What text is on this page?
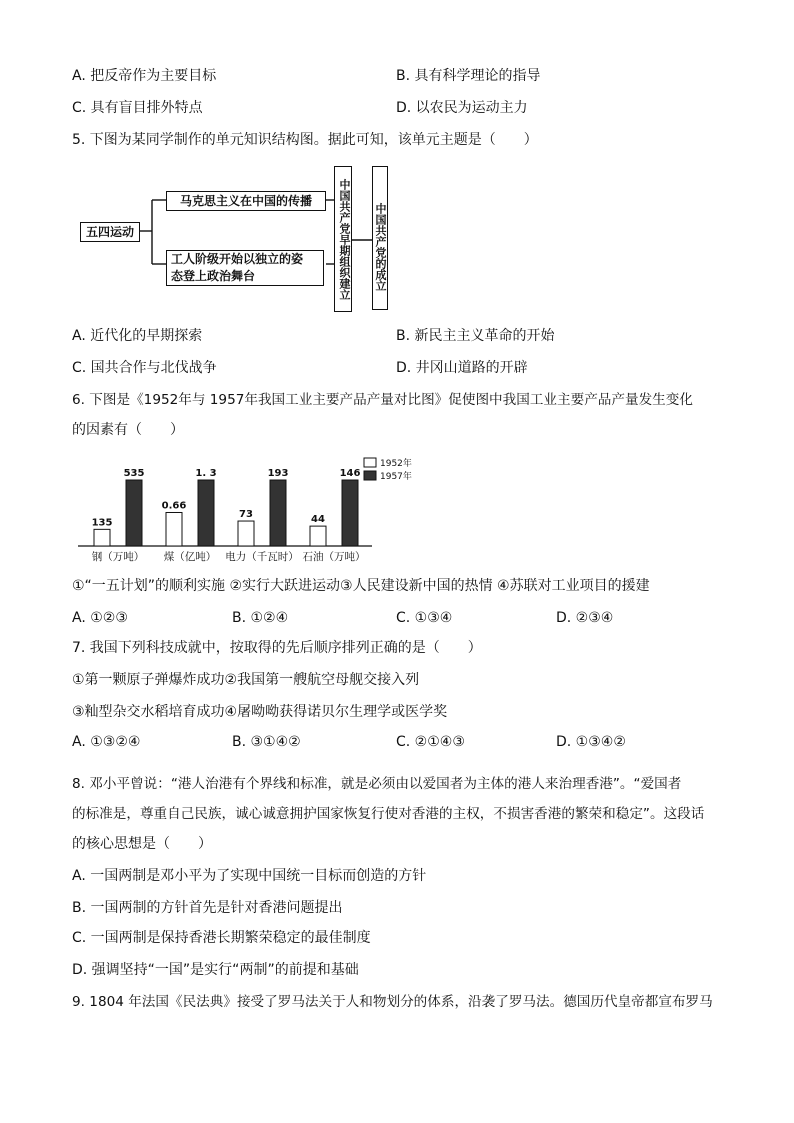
A. 把反帝作为主要目标	B. 具有科学理论的指导
C. 具有盲目排外特点	D. 以农民为运动主力
5. 下图为某同学制作的单元知识结构图。据此可知，该单元主题是（　　）
五四运动
马克思主义在中国的传播
工人阶级开始以独立的姿
态登上政治舞台	中国共产党早期组织建立 中国共产党的成立
A. 近代化的早期探索	B. 新民主主义革命的开始
C. 国共合作与北伐战争	D. 井冈山道路的开辟
6. 下图是《1952年与 1957年我国工业主要产品产量对比图》促使图中我国工业主要产品产量发生变化
的因素有（　　）
135
535
钢（万吨）
0.66
1. 3
煤（亿吨）
73
193
电力（千瓦时）
44
146
石油（万吨）
1952年
1957年
①“一五计划”的顺利实施 ②实行大跃进运动③人民建设新中国的热情 ④苏联对工业项目的援建
A. ①②③	B. ①②④	C. ①③④	D. ②③④
7. 我国下列科技成就中，按取得的先后顺序排列正确的是（　　）
①第一颗原子弹爆炸成功②我国第一艘航空母舰交接入列
③籼型杂交水稻培育成功④屠呦呦获得诺贝尔生理学或医学奖
A. ①③②④	B. ③①④②	C. ②①④③	D. ①③④②
8. 邓小平曾说：“港人治港有个界线和标准，就是必须由以爱国者为主体的港人来治理香港”。“爱国者
的标准是，尊重自己民族，诚心诚意拥护国家恢复行使对香港的主权，不损害香港的繁荣和稳定”。这段话
的核心思想是（　　）
A. 一国两制是邓小平为了实现中国统一目标而创造的方针
B. 一国两制的方针首先是针对香港问题提出
C. 一国两制是保持香港长期繁荣稳定的最佳制度
D. 强调坚持“一国”是实行“两制”的前提和基础
9. 1804 年法国《民法典》接受了罗马法关于人和物划分的体系，沿袭了罗马法。德国历代皇帝都宣布罗马
